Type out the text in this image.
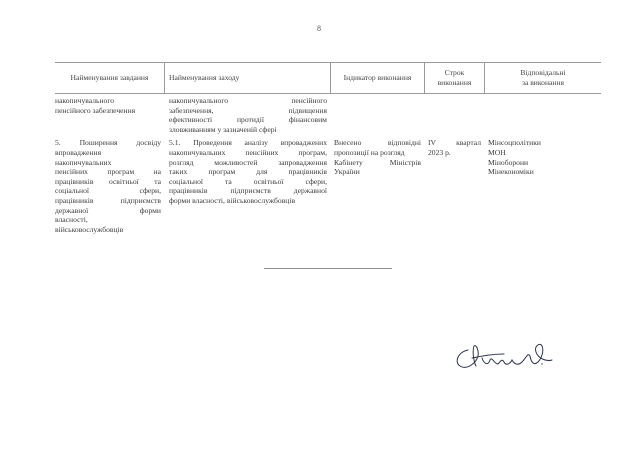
8
Найменування завдання	Найменування заходу	Індикатор виконання
Строк
виконання
Відповідальні
за виконання
накопичувального
пенсійного забезпечення
накопичувального пенсійного
забезпечення, підвищення
ефективності протидії фінансовим
зловживанням у зазначеній сфері
5. Поширення досвіду
впровадження
накопичувальних
пенсійних програм на
працівників освітньої та
соціальної сфери,
працівників підприємств
державної форми
власності,
військовослужбовців
5.1. Проведення аналізу впроваджених
накопичувальних пенсійних програм,
розгляд можливостей запровадження
таких програм для працівників
соціальної та освітньої сфери,
працівників підприємств державної
форми власності, військовослужбовців
Внесено відповідні
пропозиції на розгляд
Кабінету Міністрів
України
IV квартал
2023 р.
Мінсоцполітики
МОН
Міноборони
Мінекономіки
